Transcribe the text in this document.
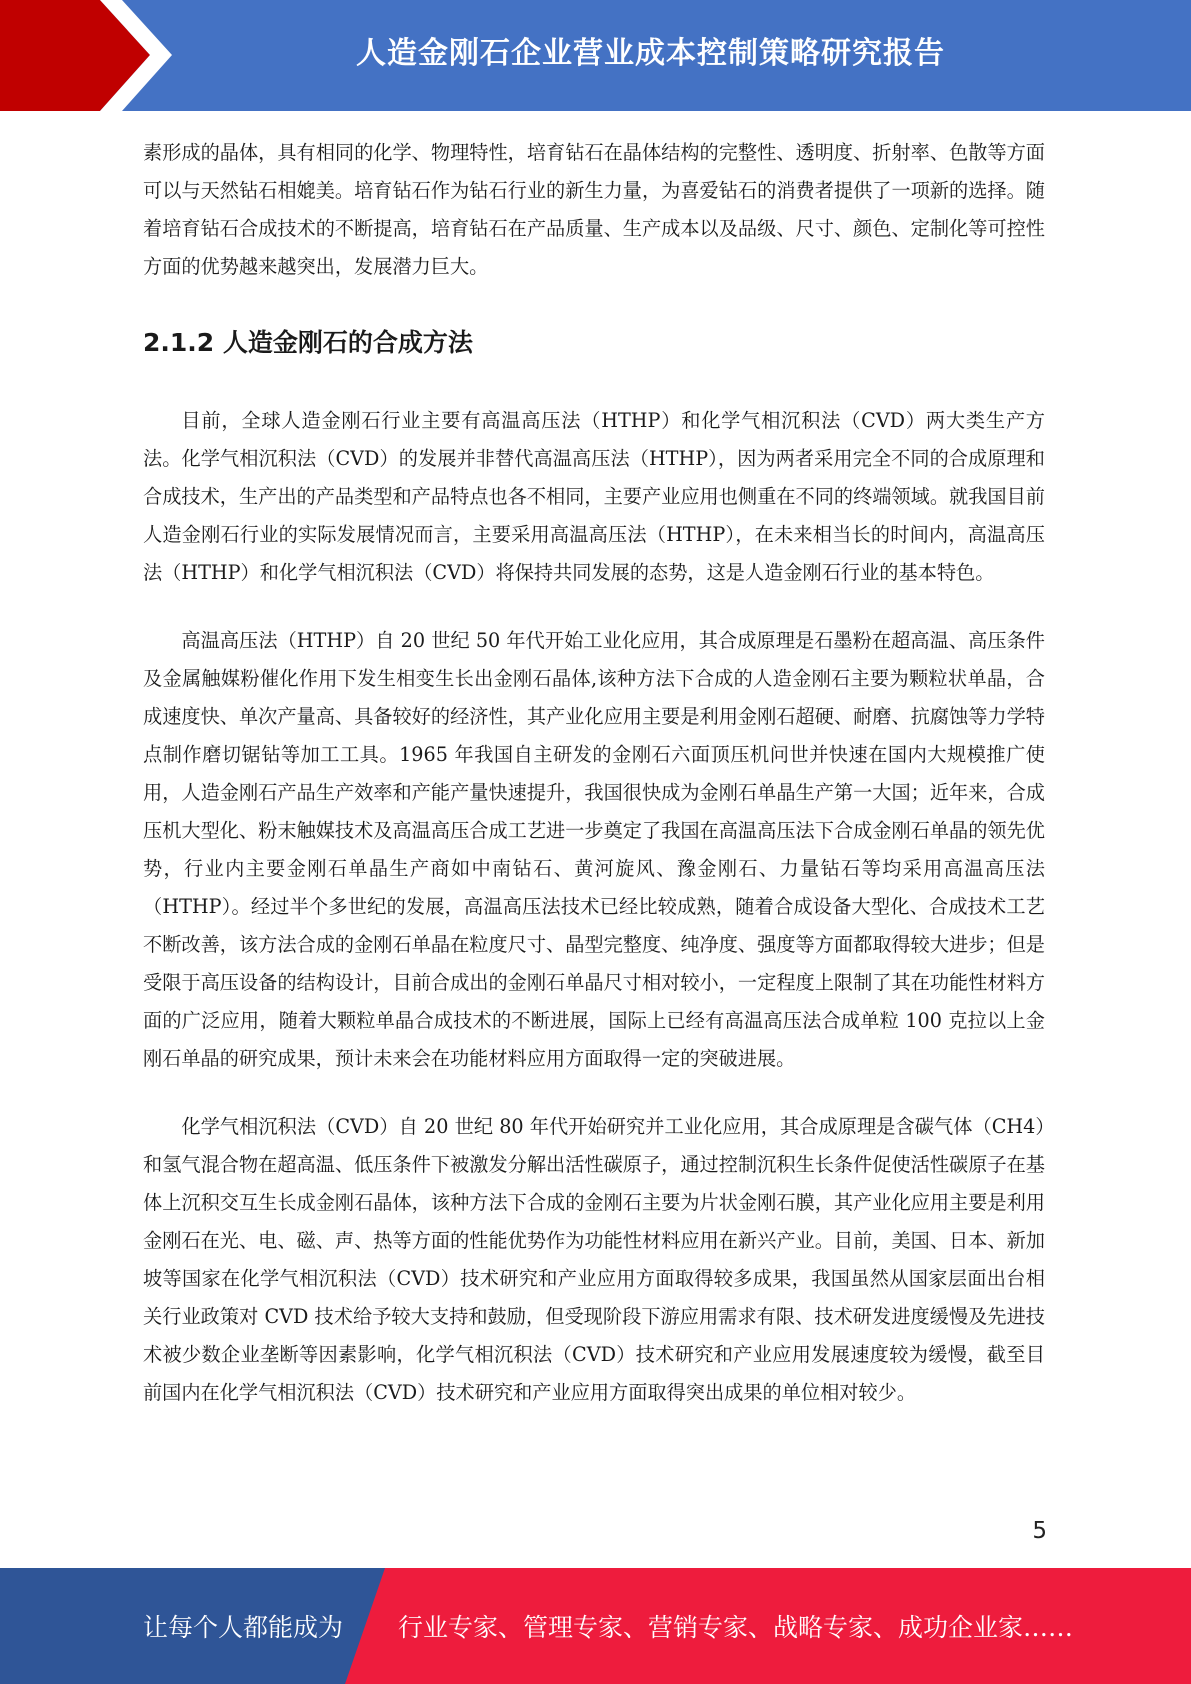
人造金刚石企业营业成本控制策略研究报告

素形成的晶体，具有相同的化学、物理特性，培育钻石在晶体结构的完整性、透明度、折射率、色散等方面可以与天然钻石相媲美。培育钻石作为钻石行业的新生力量，为喜爱钻石的消费者提供了一项新的选择。随着培育钻石合成技术的不断提高，培育钻石在产品质量、生产成本以及品级、尺寸、颜色、定制化等可控性方面的优势越来越突出，发展潜力巨大。

2.1.2 人造金刚石的合成方法

目前，全球人造金刚石行业主要有高温高压法（HTHP）和化学气相沉积法（CVD）两大类生产方法。化学气相沉积法（CVD）的发展并非替代高温高压法（HTHP），因为两者采用完全不同的合成原理和合成技术，生产出的产品类型和产品特点也各不相同，主要产业应用也侧重在不同的终端领域。就我国目前人造金刚石行业的实际发展情况而言，主要采用高温高压法（HTHP），在未来相当长的时间内，高温高压法（HTHP）和化学气相沉积法（CVD）将保持共同发展的态势，这是人造金刚石行业的基本特色。

高温高压法（HTHP）自 20 世纪 50 年代开始工业化应用，其合成原理是石墨粉在超高温、高压条件及金属触媒粉催化作用下发生相变生长出金刚石晶体,该种方法下合成的人造金刚石主要为颗粒状单晶，合成速度快、单次产量高、具备较好的经济性，其产业化应用主要是利用金刚石超硬、耐磨、抗腐蚀等力学特点制作磨切锯钻等加工工具。1965 年我国自主研发的金刚石六面顶压机问世并快速在国内大规模推广使用，人造金刚石产品生产效率和产能产量快速提升，我国很快成为金刚石单晶生产第一大国；近年来，合成压机大型化、粉末触媒技术及高温高压合成工艺进一步奠定了我国在高温高压法下合成金刚石单晶的领先优势，行业内主要金刚石单晶生产商如中南钻石、黄河旋风、豫金刚石、力量钻石等均采用高温高压法（HTHP）。经过半个多世纪的发展，高温高压法技术已经比较成熟，随着合成设备大型化、合成技术工艺不断改善，该方法合成的金刚石单晶在粒度尺寸、晶型完整度、纯净度、强度等方面都取得较大进步；但是受限于高压设备的结构设计，目前合成出的金刚石单晶尺寸相对较小，一定程度上限制了其在功能性材料方面的广泛应用，随着大颗粒单晶合成技术的不断进展，国际上已经有高温高压法合成单粒 100 克拉以上金刚石单晶的研究成果，预计未来会在功能材料应用方面取得一定的突破进展。

化学气相沉积法（CVD）自 20 世纪 80 年代开始研究并工业化应用，其合成原理是含碳气体（CH4）和氢气混合物在超高温、低压条件下被激发分解出活性碳原子，通过控制沉积生长条件促使活性碳原子在基体上沉积交互生长成金刚石晶体，该种方法下合成的金刚石主要为片状金刚石膜，其产业化应用主要是利用金刚石在光、电、磁、声、热等方面的性能优势作为功能性材料应用在新兴产业。目前，美国、日本、新加坡等国家在化学气相沉积法（CVD）技术研究和产业应用方面取得较多成果，我国虽然从国家层面出台相关行业政策对 CVD 技术给予较大支持和鼓励，但受现阶段下游应用需求有限、技术研发进度缓慢及先进技术被少数企业垄断等因素影响，化学气相沉积法（CVD）技术研究和产业应用发展速度较为缓慢，截至目前国内在化学气相沉积法（CVD）技术研究和产业应用方面取得突出成果的单位相对较少。

5
让每个人都能成为 行业专家、管理专家、营销专家、战略专家、成功企业家……
